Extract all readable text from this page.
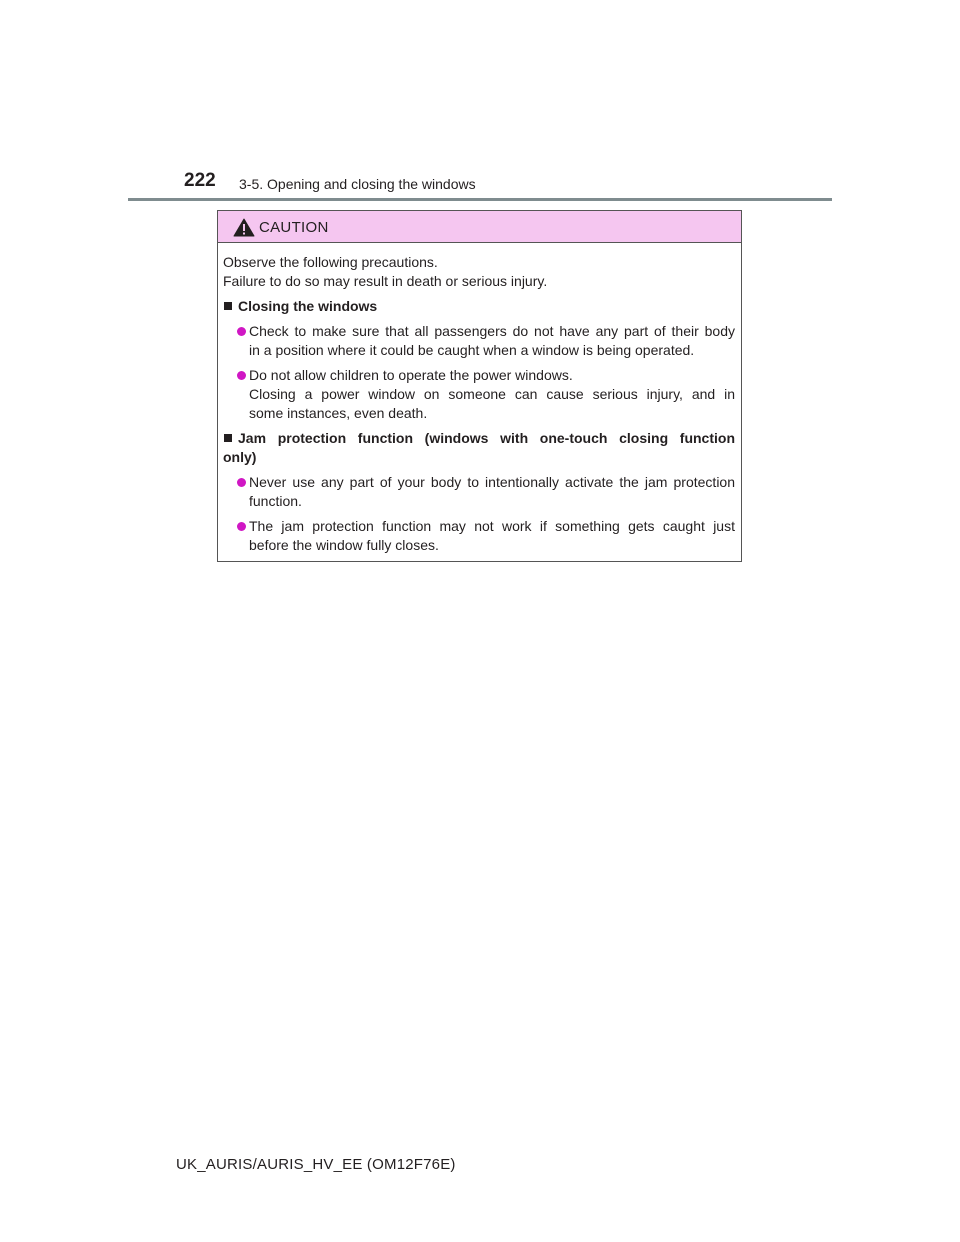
222 3-5. Opening and closing the windows
CAUTION
Observe the following precautions.
Failure to do so may result in death or serious injury.
Closing the windows
Check to make sure that all passengers do not have any part of their body
in a position where it could be caught when a window is being operated.
Do not allow children to operate the power windows.
Closing a power window on someone can cause serious injury, and in
some instances, even death.
Jam protection function (windows with one-touch closing function
only)
Never use any part of your body to intentionally activate the jam protection
function.
The jam protection function may not work if something gets caught just
before the window fully closes.
UK_AURIS/AURIS_HV_EE (OM12F76E)
